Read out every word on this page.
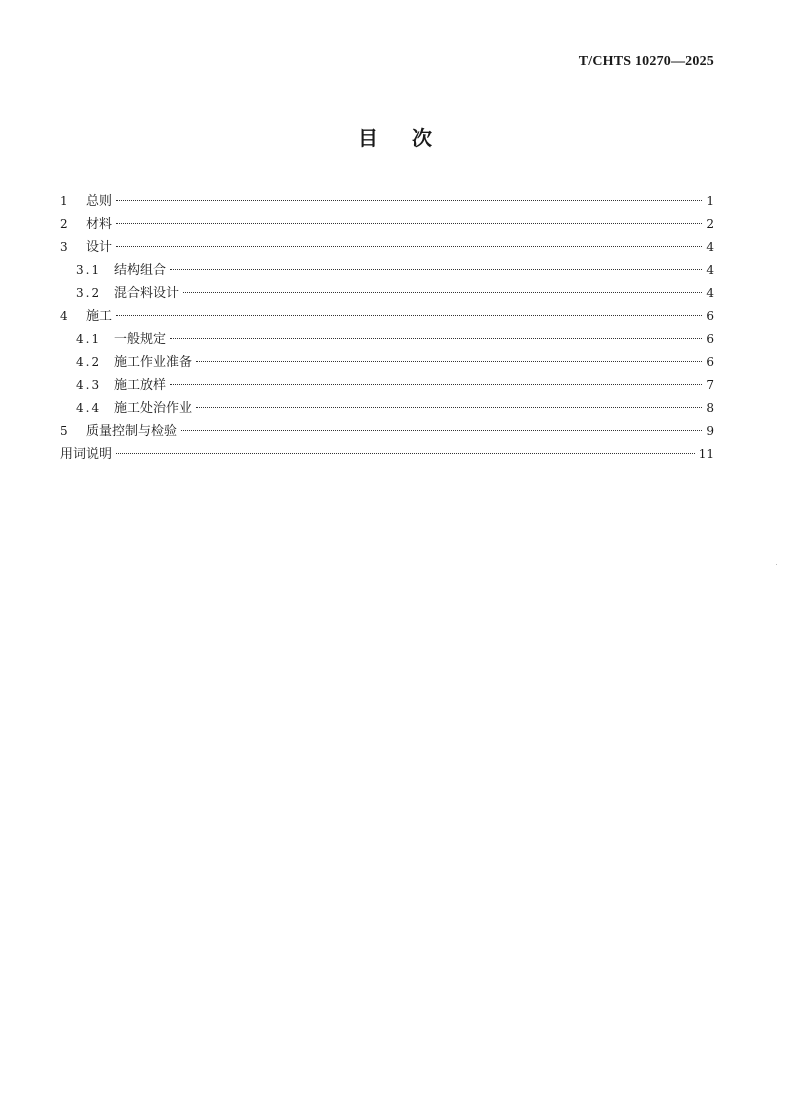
T/CHTS 10270—2025
目次
1	总则	1
2	材料	2
3	设计	4
3.1 结构组合	4
3.2 混合料设计	4
4	施工	6
4.1 一般规定	6
4.2 施工作业准备	6
4.3 施工放样	7
4.4 施工处治作业	8
5	质量控制与检验	9
用词说明	11
